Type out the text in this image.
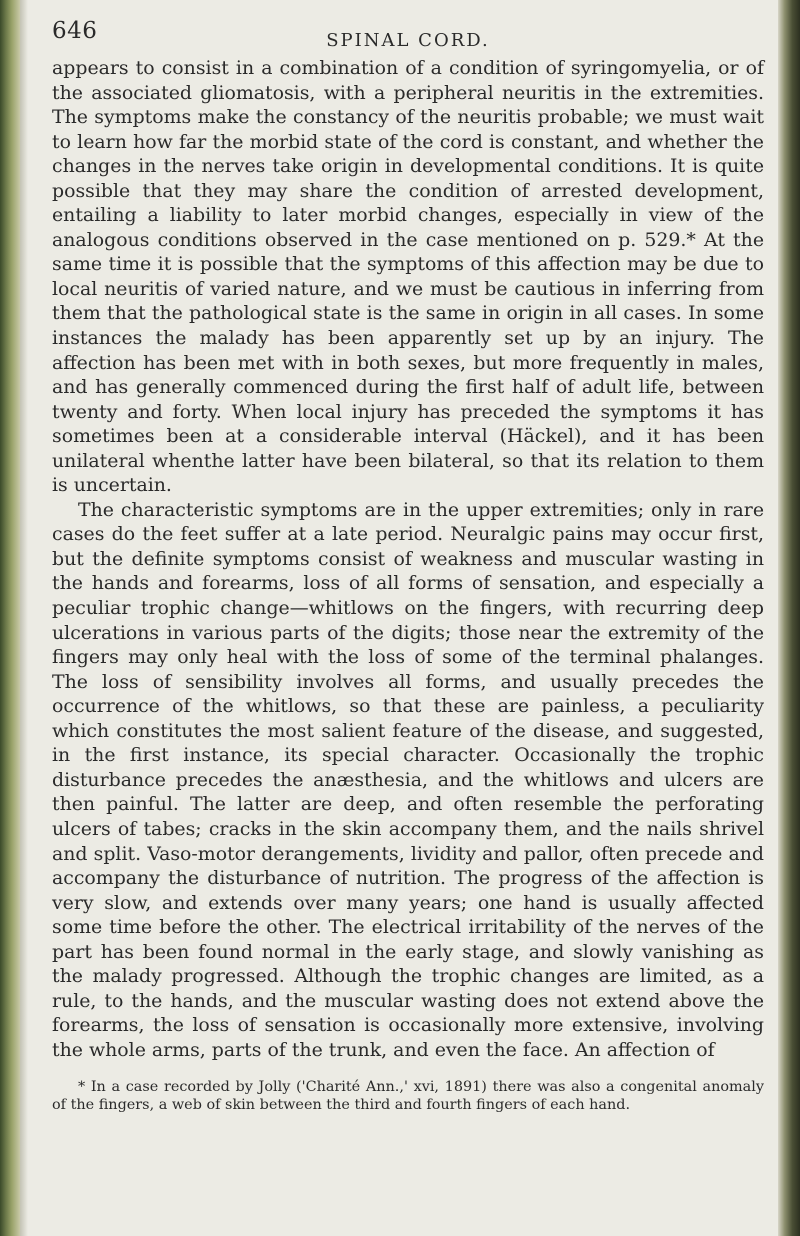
646	SPINAL CORD.

appears to consist in a combination of a condition of syringomyelia, or of the associated gliomatosis, with a peripheral neuritis in the extremities. The symptoms make the constancy of the neuritis probable; we must wait to learn how far the morbid state of the cord is constant, and whether the changes in the nerves take origin in developmental conditions. It is quite possible that they may share the condition of arrested development, entailing a liability to later morbid changes, especially in view of the analogous conditions observed in the case mentioned on p. 529.* At the same time it is possible that the symptoms of this affection may be due to local neuritis of varied nature, and we must be cautious in inferring from them that the pathological state is the same in origin in all cases. In some instances the malady has been apparently set up by an injury. The affection has been met with in both sexes, but more frequently in males, and has generally commenced during the first half of adult life, between twenty and forty. When local injury has preceded the symptoms it has sometimes been at a considerable interval (Häckel), and it has been unilateral whenthe latter have been bilateral, so that its relation to them is uncertain.

The characteristic symptoms are in the upper extremities; only in rare cases do the feet suffer at a late period. Neuralgic pains may occur first, but the definite symptoms consist of weakness and muscular wasting in the hands and forearms, loss of all forms of sensation, and especially a peculiar trophic change—whitlows on the fingers, with recurring deep ulcerations in various parts of the digits; those near the extremity of the fingers may only heal with the loss of some of the terminal phalanges. The loss of sensibility involves all forms, and usually precedes the occurrence of the whitlows, so that these are painless, a peculiarity which constitutes the most salient feature of the disease, and suggested, in the first instance, its special character. Occasionally the trophic disturbance precedes the anæsthesia, and the whitlows and ulcers are then painful. The latter are deep, and often resemble the perforating ulcers of tabes; cracks in the skin accompany them, and the nails shrivel and split. Vaso-motor derangements, lividity and pallor, often precede and accompany the disturbance of nutrition. The progress of the affection is very slow, and extends over many years; one hand is usually affected some time before the other. The electrical irritability of the nerves of the part has been found normal in the early stage, and slowly vanishing as the malady progressed. Although the trophic changes are limited, as a rule, to the hands, and the muscular wasting does not extend above the forearms, the loss of sensation is occasionally more extensive, involving the whole arms, parts of the trunk, and even the face. An affection of

* In a case recorded by Jolly ('Charité Ann.,' xvi, 1891) there was also a congenital anomaly of the fingers, a web of skin between the third and fourth fingers of each hand.
